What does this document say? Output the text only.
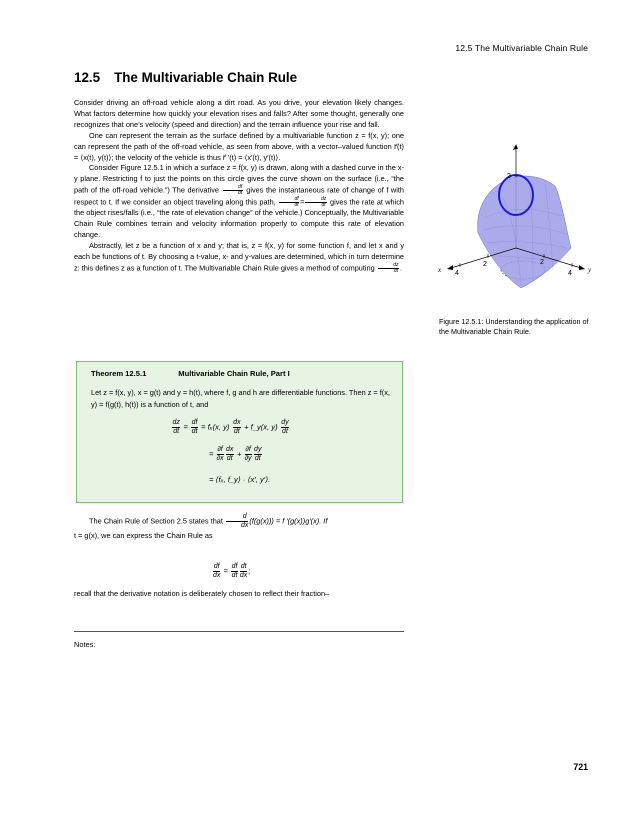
12.5 The Multivariable Chain Rule
12.5 The Multivariable Chain Rule

Consider driving an off-road vehicle along a dirt road. As you drive, your elevation likely changes. What factors determine how quickly your elevation rises and falls? After some thought, generally one recognizes that one’s velocity (speed and direction) and the terrain influence your rise and fall.

One can represent the terrain as the surface defined by a multivariable function z = f(x, y); one can represent the path of the off-road vehicle, as seen from above, with a vector–valued function r⃗(t) = ⟨x(t), y(t)⟩; the velocity of the vehicle is thus r⃗ ′(t) = ⟨x′(t), y′(t)⟩.

Consider Figure 12.5.1 in which a surface z = f(x, y) is drawn, along with a dashed curve in the x-y plane. Restricting f to just the points on this circle gives the curve shown on the surface (i.e., “the path of the off-road vehicle.”) The derivative $\frac{df}{dt}$ gives the instantaneous rate of change of f with respect to t. If we consider an object traveling along this path, $\frac{df}{dt} = \frac{dz}{dt}$ gives the rate at which the object rises/falls (i.e., “the rate of elevation change” of the vehicle.) Conceptually, the Multivariable Chain Rule combines terrain and velocity information properly to compute this rate of elevation change.

Abstractly, let z be a function of x and y; that is, z = f(x, y) for some function f, and let x and y each be functions of t. By choosing a t-value, x- and y-values are determined, which in turn determine z: this defines z as a function of t. The Multivariable Chain Rule gives a method of computing $\frac{dz}{dt}$ .

z
2
x 4
2	2
4 y
Figure 12.5.1: Understanding the application of the Multivariable Chain Rule.
Theorem 12.5.1	Multivariable Chain Rule, Part I

Let z = f(x, y), x = g(t) and y = h(t), where f, g and h are differentiable functions. Then z = f(x, y) = f(g(t), h(t)) is a function of t, and

$\frac{dz}{dt} = \frac{df}{dt} = f_x(x$, $y) \frac{dx}{dt}$ + f_y(x, $y) \frac{dy}{dt}$
= $\frac{\partial f}{\partial x} \frac{dx}{dt} + \frac{\partial f}{\partial y} \frac{dy}{dt}$
= ⟨fₓ, f_y⟩ · ⟨x′, y′⟩.

The Chain Rule of Section 2.5 states that $\frac{d}{dx} (f(g(x))) = f$ ′(g(x))g′(x). If

t = g(x), we can express the Chain Rule as

$\frac{df}{dx} = \frac{df}{dt} \frac{dt}{dx}$ ;
recall that the derivative notation is deliberately chosen to reflect their fraction–
Notes:
721
